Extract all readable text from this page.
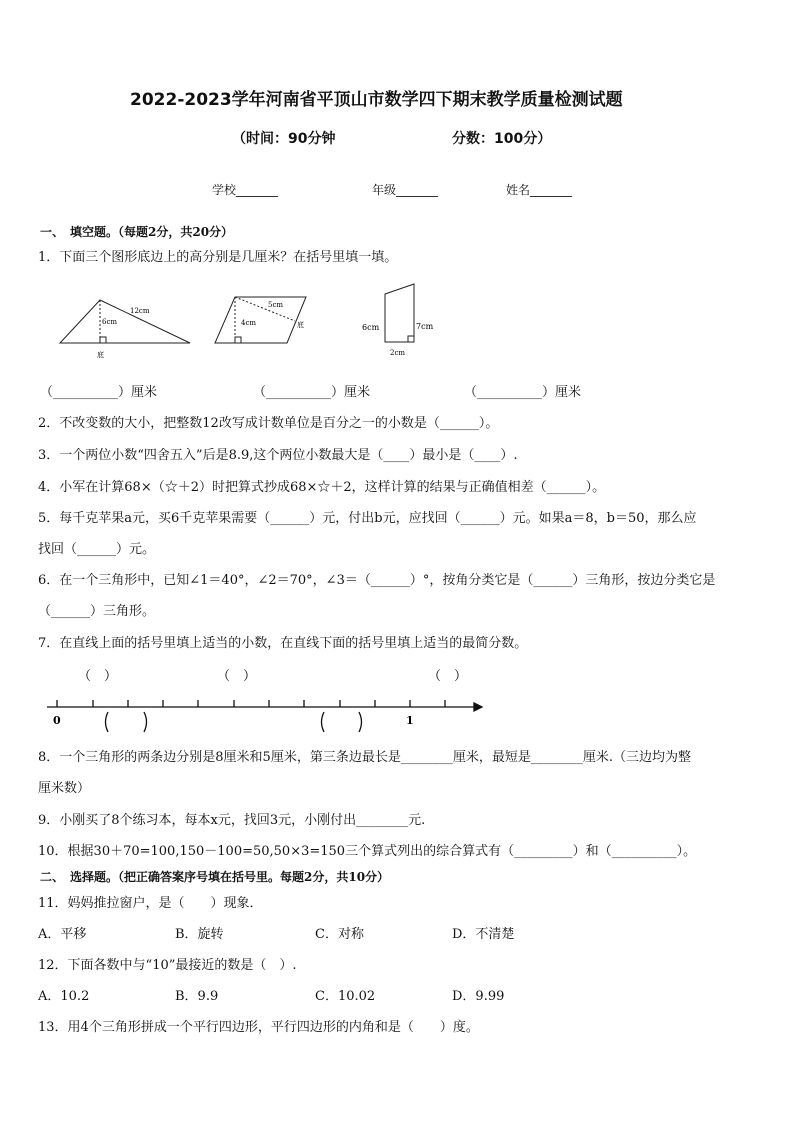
2022-2023学年河南省平顶山市数学四下期末教学质量检测试题
（时间：90分钟	分数：100分）
学校_______	年级_______	姓名_______
一、　填空题。（每题2分，共20分）
1．下面三个图形底边上的高分别是几厘米？在括号里填一填。
12cm
6cm
底
5cm
4cm	底	6cm	7cm
2cm
（__________）厘米	（__________）厘米	（__________）厘米
2．不改变数的大小，把整数12改写成计数单位是百分之一的小数是（______）。
3．一个两位小数“四舍五入”后是8.9,这个两位小数最大是（____）最小是（____）.
4．小军在计算68×（☆＋2）时把算式抄成68×☆＋2，这样计算的结果与正确值相差（______）。
5．每千克苹果a元，买6千克苹果需要（______）元，付出b元，应找回（______）元。如果a＝8，b＝50，那么应
找回（______）元。
6．在一个三角形中，已知∠1＝40°，∠2＝70°，∠3＝（______）°，按角分类它是（______）三角形，按边分类它是
（______）三角形。
7．在直线上面的括号里填上适当的小数，在直线下面的括号里填上适当的最简分数。
（　）	（　）	（　）
0	1
8．一个三角形的两条边分别是8厘米和5厘米，第三条边最长是________厘米，最短是________厘米.（三边均为整
厘米数）
9．小刚买了8个练习本，每本x元，找回3元，小刚付出________元.
10．根据30＋70=100,150－100=50,50×3=150三个算式列出的综合算式有（_________）和（__________）。
二、　选择题。（把正确答案序号填在括号里。每题2分，共10分）
11．妈妈推拉窗户，是（　　）现象．
A．平移	B．旋转	C．对称	D．不清楚
12．下面各数中与“10”最接近的数是（　）.
A．10.2	B．9.9	C．10.02	D．9.99
13．用4个三角形拼成一个平行四边形，平行四边形的内角和是（　　）度。
